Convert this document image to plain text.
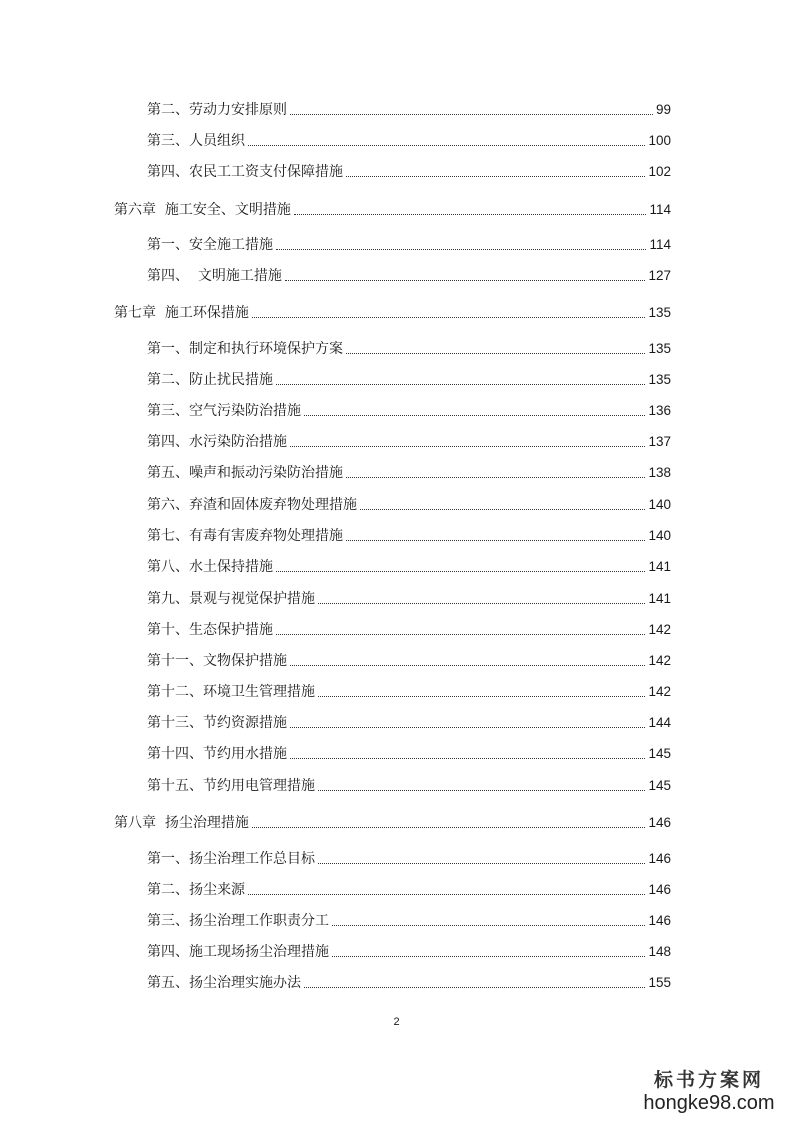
第二、劳动力安排原则	99
第三、人员组织	100
第四、农民工工资支付保障措施	102
第六章  施工安全、文明措施	114
第一、安全施工措施	114
第四、  文明施工措施	127
第七章  施工环保措施	135
第一、制定和执行环境保护方案	135
第二、防止扰民措施	135
第三、空气污染防治措施	136
第四、水污染防治措施	137
第五、噪声和振动污染防治措施	138
第六、弃渣和固体废弃物处理措施	140
第七、有毒有害废弃物处理措施	140
第八、水土保持措施	141
第九、景观与视觉保护措施	141
第十、生态保护措施	142
第十一、文物保护措施	142
第十二、环境卫生管理措施	142
第十三、节约资源措施	144
第十四、节约用水措施	145
第十五、节约用电管理措施	145
第八章  扬尘治理措施	146
第一、扬尘治理工作总目标	146
第二、扬尘来源	146
第三、扬尘治理工作职责分工	146
第四、施工现场扬尘治理措施	148
第五、扬尘治理实施办法	155
2
标书方案网
hongke98.com
